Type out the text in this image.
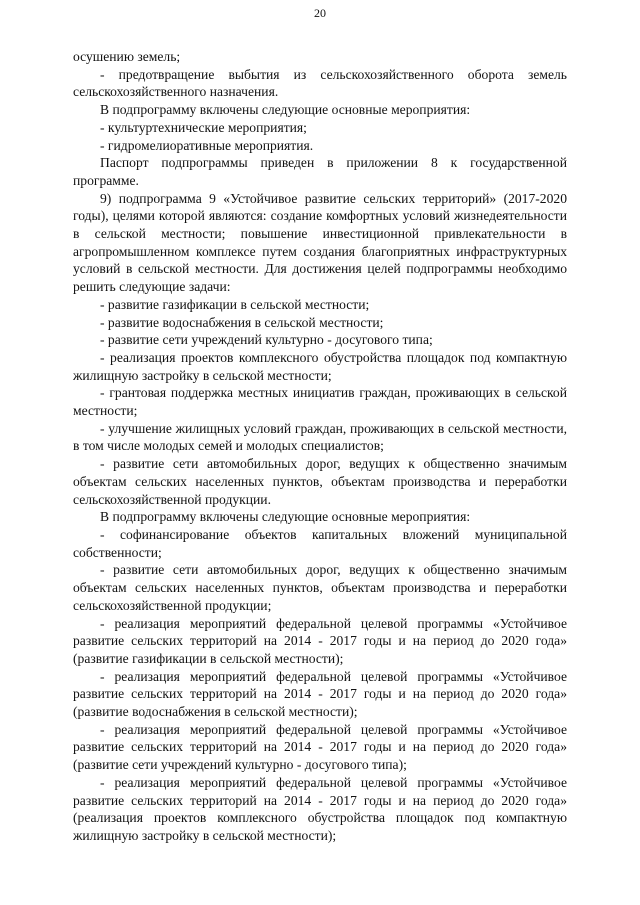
20

осушению земель;

- предотвращение выбытия из сельскохозяйственного оборота земель сельскохозяйственного назначения.

В подпрограмму включены следующие основные мероприятия:

- культуртехнические мероприятия;

- гидромелиоративные мероприятия.

Паспорт подпрограммы приведен в приложении 8 к государственной программе.

9) подпрограмма 9 «Устойчивое развитие сельских территорий» (2017-2020 годы), целями которой являются: создание комфортных условий жизнедеятельности в сельской местности; повышение инвестиционной привлекательности в агропромышленном комплексе путем создания благоприятных инфраструктурных условий в сельской местности. Для достижения целей подпрограммы необходимо решить следующие задачи:

- развитие газификации в сельской местности;

- развитие водоснабжения в сельской местности;

- развитие сети учреждений культурно - досугового типа;

- реализация проектов комплексного обустройства площадок под компактную жилищную застройку в сельской местности;

- грантовая поддержка местных инициатив граждан, проживающих в сельской местности;

- улучшение жилищных условий граждан, проживающих в сельской местности, в том числе молодых семей и молодых специалистов;

- развитие сети автомобильных дорог, ведущих к общественно значимым объектам сельских населенных пунктов, объектам производства и переработки сельскохозяйственной продукции.

В подпрограмму включены следующие основные мероприятия:

- софинансирование объектов капитальных вложений муниципальной собственности;

- развитие сети автомобильных дорог, ведущих к общественно значимым объектам сельских населенных пунктов, объектам производства и переработки сельскохозяйственной продукции;

- реализация мероприятий федеральной целевой программы «Устойчивое развитие сельских территорий на 2014 - 2017 годы и на период до 2020 года» (развитие газификации в сельской местности);

- реализация мероприятий федеральной целевой программы «Устойчивое развитие сельских территорий на 2014 - 2017 годы и на период до 2020 года» (развитие водоснабжения в сельской местности);

- реализация мероприятий федеральной целевой программы «Устойчивое развитие сельских территорий на 2014 - 2017 годы и на период до 2020 года» (развитие сети учреждений культурно - досугового типа);

- реализация мероприятий федеральной целевой программы «Устойчивое развитие сельских территорий на 2014 - 2017 годы и на период до 2020 года» (реализация проектов комплексного обустройства площадок под компактную жилищную застройку в сельской местности);
